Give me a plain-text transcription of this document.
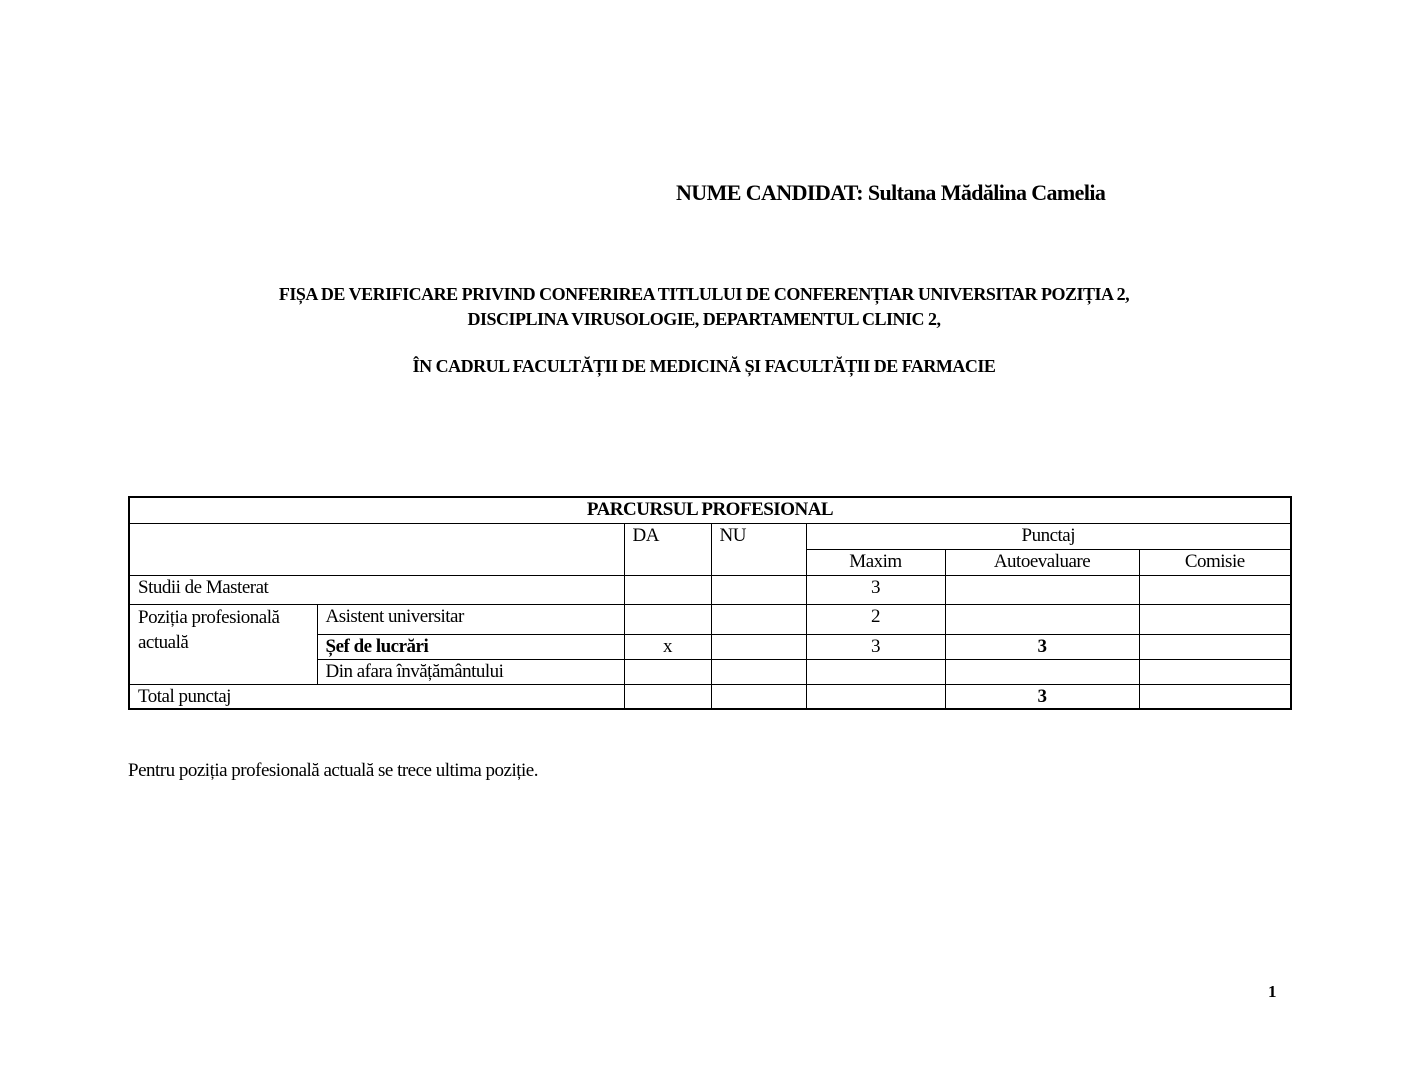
NUME CANDIDAT: Sultana Mădălina Camelia
FIȘA DE VERIFICARE PRIVIND CONFERIREA TITLULUI DE CONFERENȚIAR UNIVERSITAR POZIȚIA 2,
DISCIPLINA VIRUSOLOGIE, DEPARTAMENTUL CLINIC 2,
ÎN CADRUL FACULTĂȚII DE MEDICINĂ ȘI FACULTĂȚII DE FARMACIE
PARCURSUL PROFESIONAL						
		DA	NU	Punctaj		
				Maxim	Autoevaluare	Comisie
Studii de Masterat				3		
Poziția profesională actuală	Asistent universitar			2		
	Șef de lucrări	x		3	3	
	Din afara învățământului					
Total punctaj					3	
Pentru poziția profesională actuală se trece ultima poziție.
1
